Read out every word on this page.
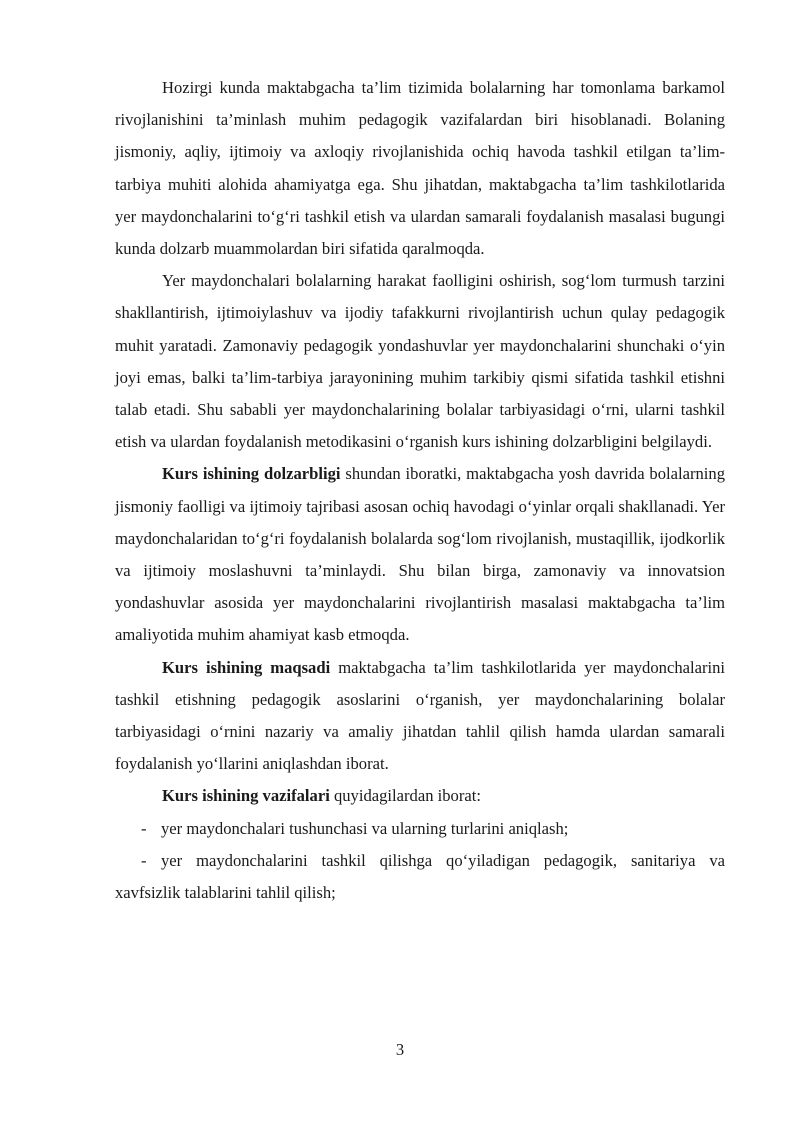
Hozirgi kunda maktabgacha ta’lim tizimida bolalarning har tomonlama barkamol rivojlanishini ta’minlash muhim pedagogik vazifalardan biri hisoblanadi. Bolaning jismoniy, aqliy, ijtimoiy va axloqiy rivojlanishida ochiq havoda tashkil etilgan ta’lim-tarbiya muhiti alohida ahamiyatga ega. Shu jihatdan, maktabgacha ta’lim tashkilotlarida yer maydonchalarini to‘g‘ri tashkil etish va ulardan samarali foydalanish masalasi bugungi kunda dolzarb muammolardan biri sifatida qaralmoqda.

Yer maydonchalari bolalarning harakat faolligini oshirish, sog‘lom turmush tarzini shakllantirish, ijtimoiylashuv va ijodiy tafakkurni rivojlantirish uchun qulay pedagogik muhit yaratadi. Zamonaviy pedagogik yondashuvlar yer maydonchalarini shunchaki o‘yin joyi emas, balki ta’lim-tarbiya jarayonining muhim tarkibiy qismi sifatida tashkil etishni talab etadi. Shu sababli yer maydonchalarining bolalar tarbiyasidagi o‘rni, ularni tashkil etish va ulardan foydalanish metodikasini o‘rganish kurs ishining dolzarbligini belgilaydi.

Kurs ishining dolzarbligi shundan iboratki, maktabgacha yosh davrida bolalarning jismoniy faolligi va ijtimoiy tajribasi asosan ochiq havodagi o‘yinlar orqali shakllanadi. Yer maydonchalaridan to‘g‘ri foydalanish bolalarda sog‘lom rivojlanish, mustaqillik, ijodkorlik va ijtimoiy moslashuvni ta’minlaydi. Shu bilan birga, zamonaviy va innovatsion yondashuvlar asosida yer maydonchalarini rivojlantirish masalasi maktabgacha ta’lim amaliyotida muhim ahamiyat kasb etmoqda.

Kurs ishining maqsadi maktabgacha ta’lim tashkilotlarida yer maydonchalarini tashkil etishning pedagogik asoslarini o‘rganish, yer maydonchalarining bolalar tarbiyasidagi o‘rnini nazariy va amaliy jihatdan tahlil qilish hamda ulardan samarali foydalanish yo‘llarini aniqlashdan iborat.

Kurs ishining vazifalari quyidagilardan iborat:

- yer maydonchalari tushunchasi va ularning turlarini aniqlash;

- yer maydonchalarini tashkil qilishga qo‘yiladigan pedagogik, sanitariya va xavfsizlik talablarini tahlil qilish;

3
